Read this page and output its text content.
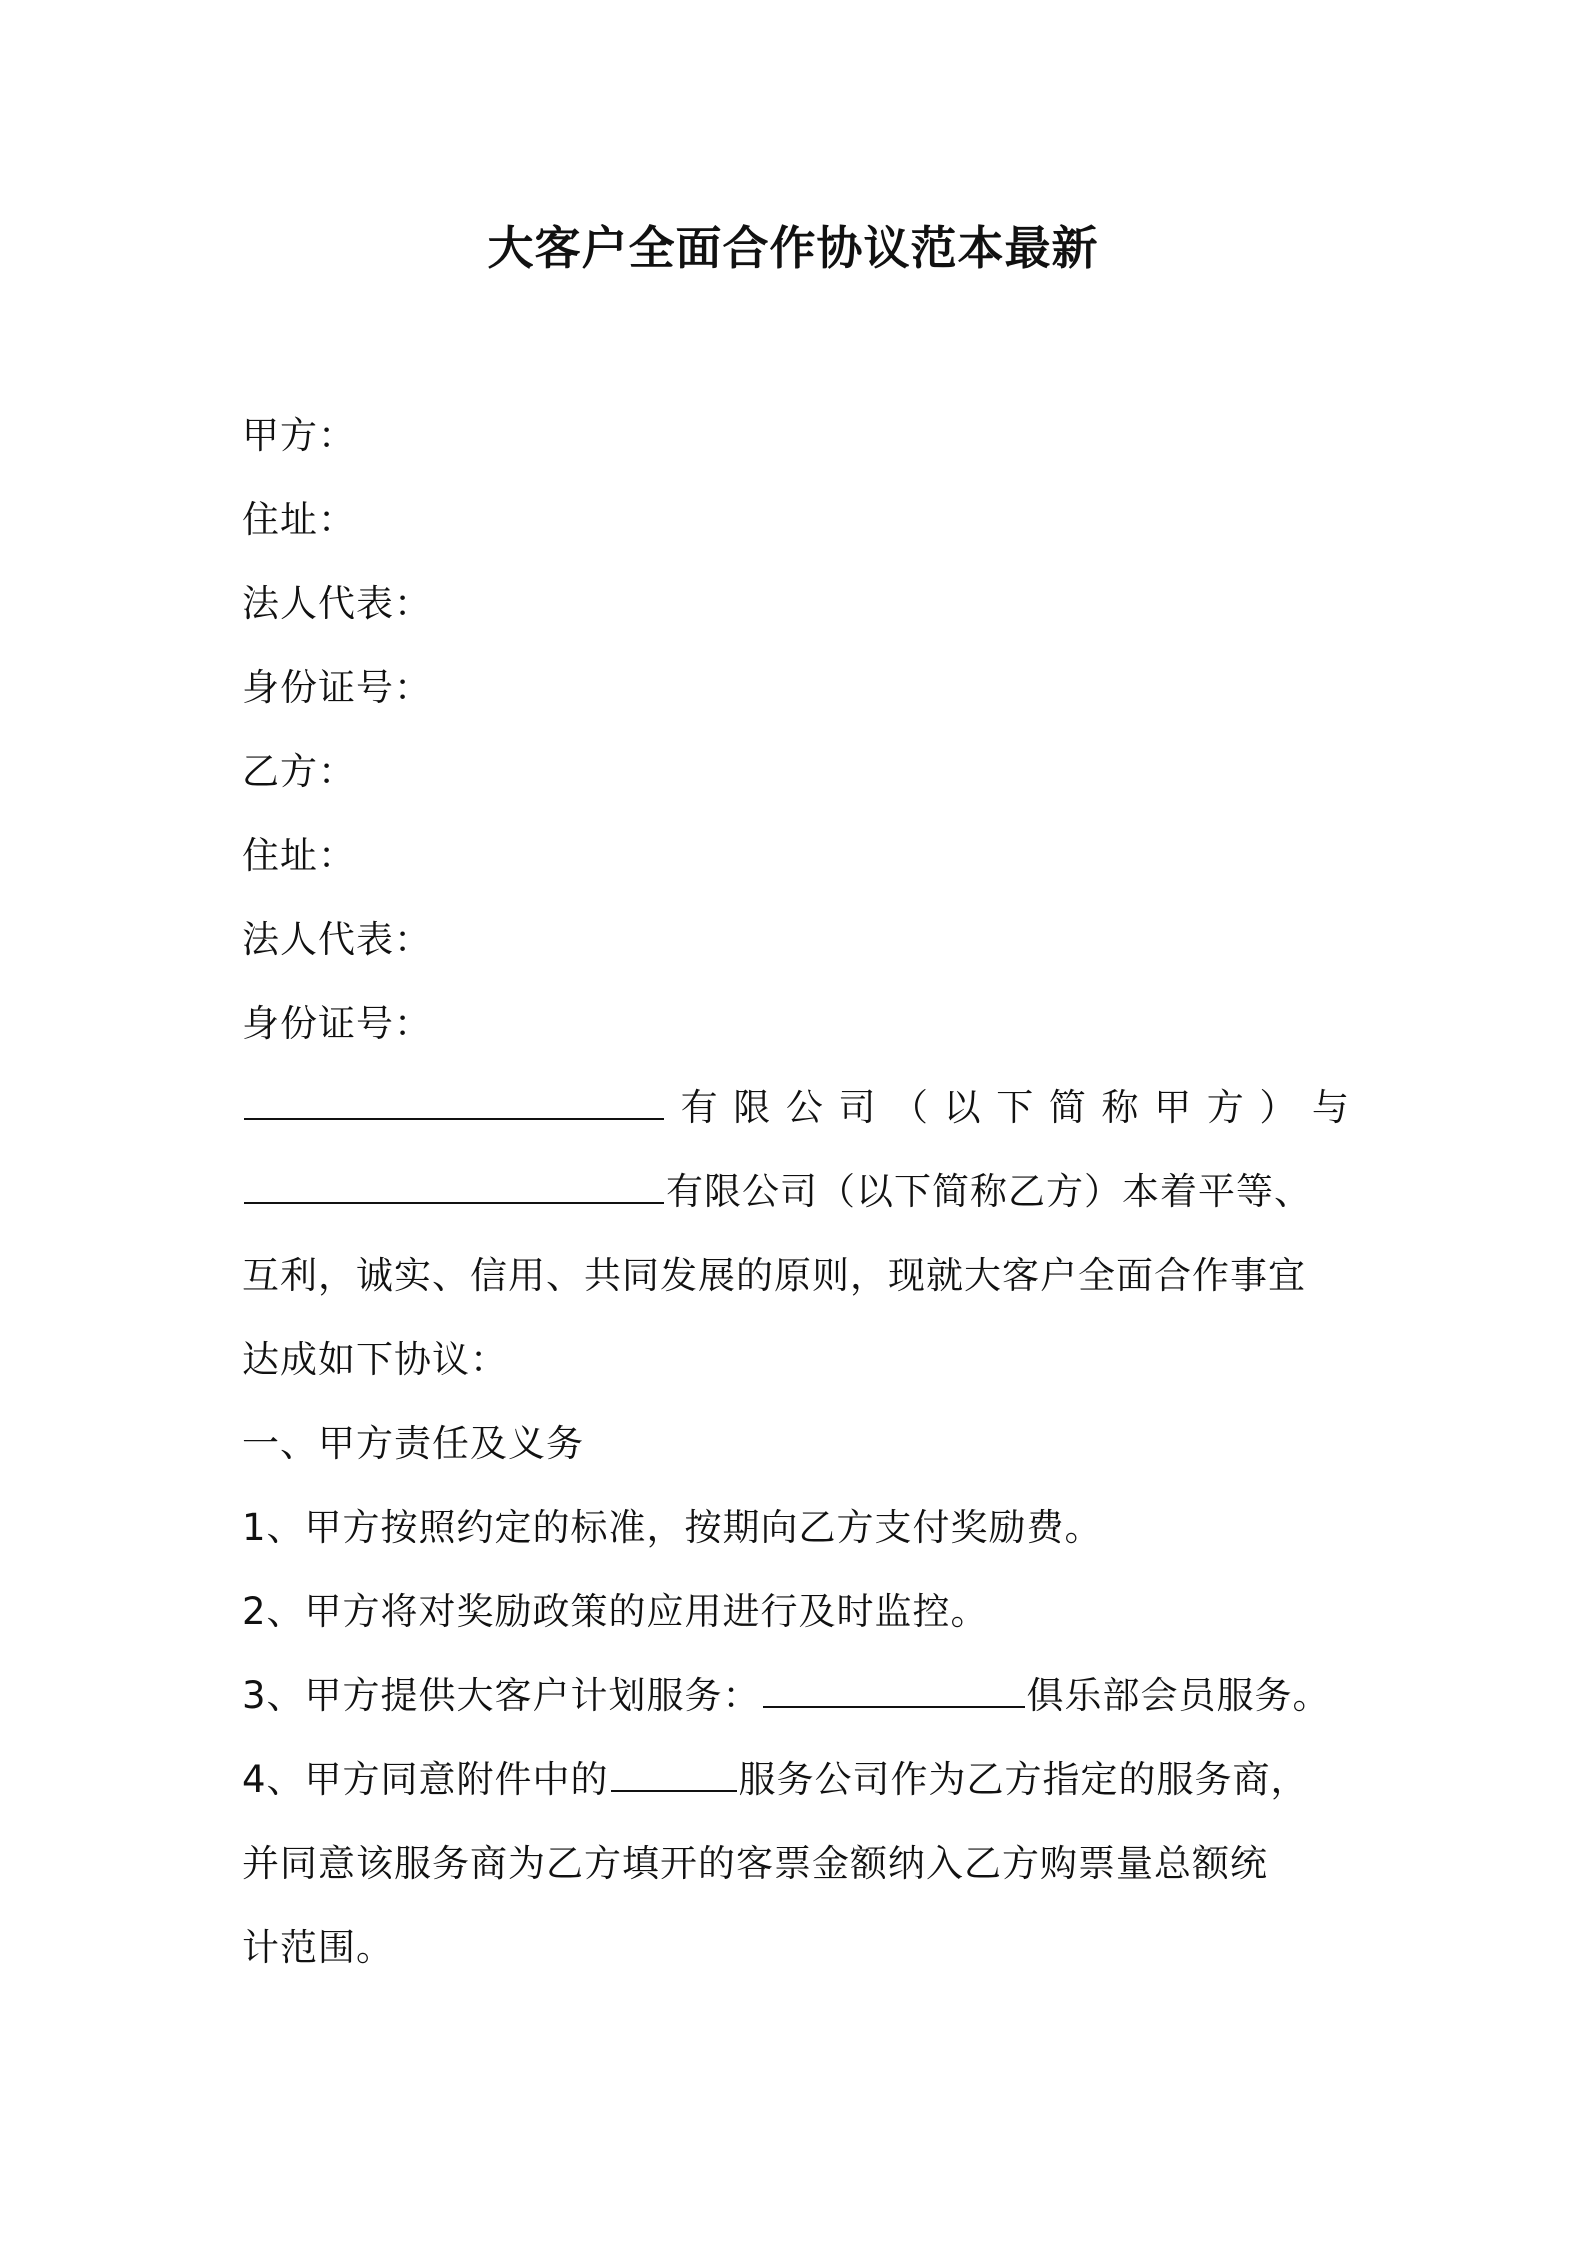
大客户全面合作协议范本最新
甲方：
住址：
法人代表：
身份证号：
乙方：
住址：
法人代表：
身份证号：
有 限 公 司 （ 以 下 简 称 甲 方 ） 与
有限公司（以下简称乙方）本着平等、
互利，诚实、信用、共同发展的原则，现就大客户全面合作事宜
达成如下协议：
一、甲方责任及义务
1、甲方按照约定的标准，按期向乙方支付奖励费。
2、甲方将对奖励政策的应用进行及时监控。
3、甲方提供大客户计划服务：	俱乐部会员服务。
4、甲方同意附件中的	服务公司作为乙方指定的服务商，
并同意该服务商为乙方填开的客票金额纳入乙方购票量总额统
计范围。
